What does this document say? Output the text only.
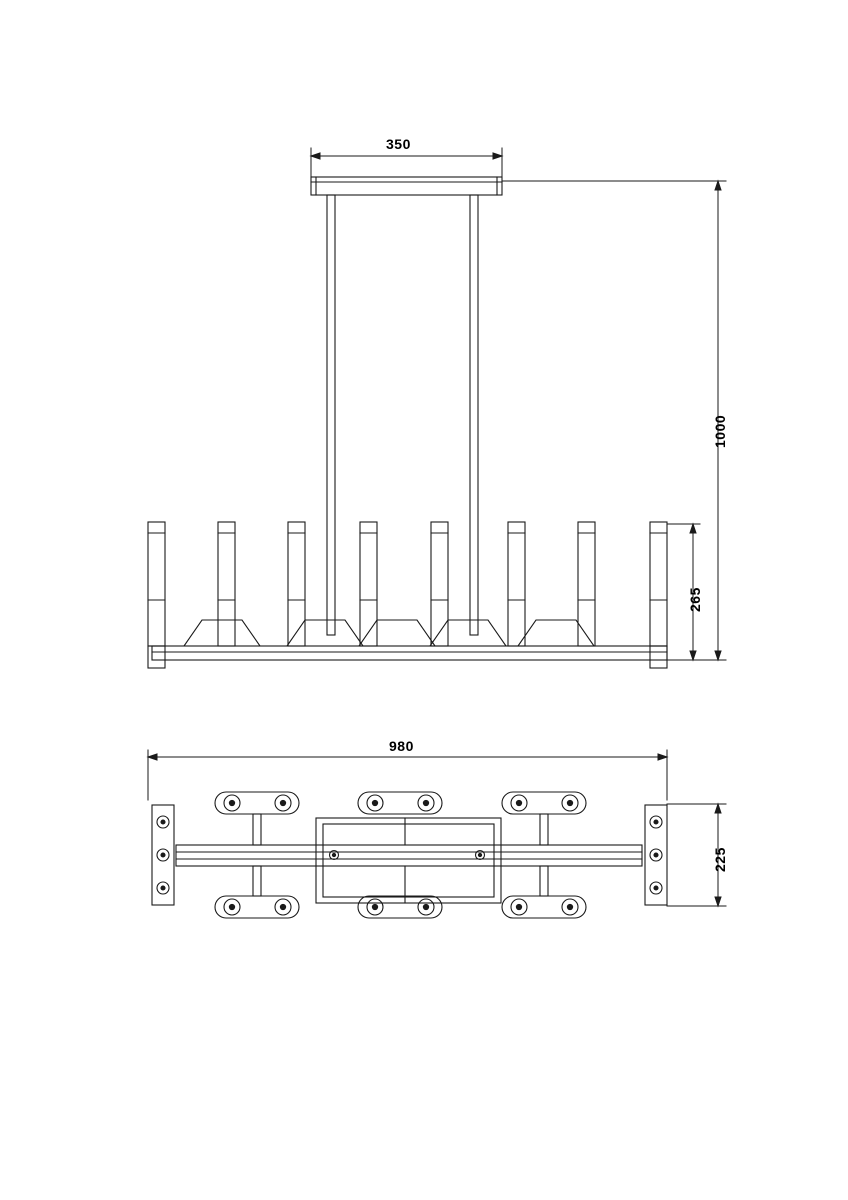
350
1000
265
980
225
